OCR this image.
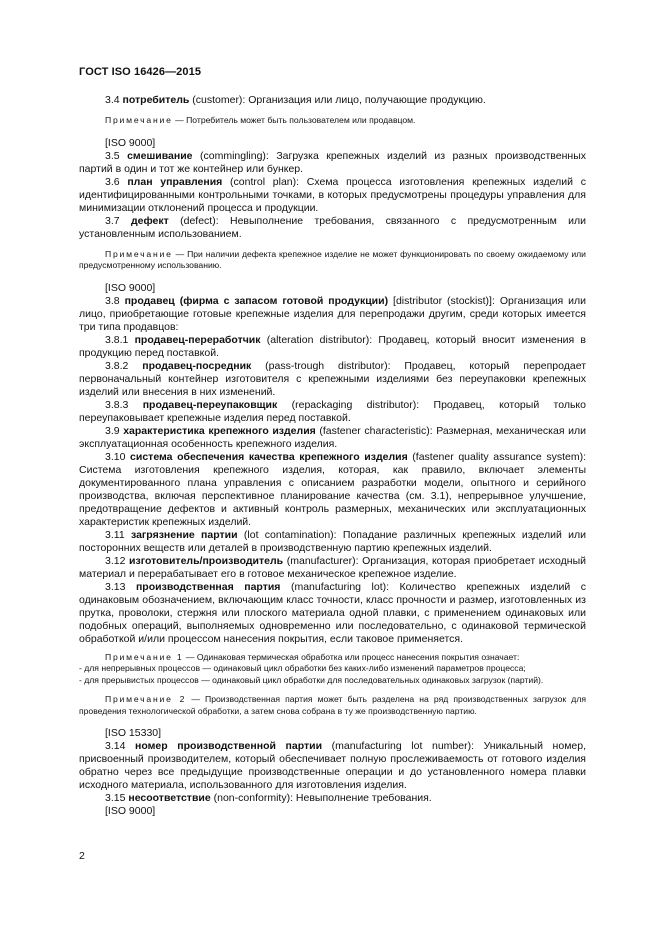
ГОСТ ISO 16426—2015

3.4 потребитель (customer): Организация или лицо, получающие продукцию.

Примечание — Потребитель может быть пользователем или продавцом.

[ISO 9000]

3.5 смешивание (commingling): Загрузка крепежных изделий из разных производственных партий в один и тот же контейнер или бункер.

3.6 план управления (control plan): Схема процесса изготовления крепежных изделий с идентифицированными контрольными точками, в которых предусмотрены процедуры управления для минимизации отклонений процесса и продукции.

3.7 дефект (defect): Невыполнение требования, связанного с предусмотренным или установленным использованием.

Примечание — При наличии дефекта крепежное изделие не может функционировать по своему ожидаемому или предусмотренному использованию.

[ISO 9000]

3.8 продавец (фирма с запасом готовой продукции) [distributor (stockist)]: Организация или лицо, приобретающие готовые крепежные изделия для перепродажи другим, среди которых имеется три типа продавцов:

3.8.1 продавец-переработчик (alteration distributor): Продавец, который вносит изменения в продукцию перед поставкой.

3.8.2 продавец-посредник (pass-trough distributor): Продавец, который перепродает первоначальный контейнер изготовителя с крепежными изделиями без переупаковки крепежных изделий или внесения в них изменений.

3.8.3 продавец-переупаковщик (repackaging distributor): Продавец, который только переупаковывает крепежные изделия перед поставкой.

3.9 характеристика крепежного изделия (fastener characteristic): Размерная, механическая или эксплуатационная особенность крепежного изделия.

3.10 система обеспечения качества крепежного изделия (fastener quality assurance system): Система изготовления крепежного изделия, которая, как правило, включает элементы документированного плана управления с описанием разработки модели, опытного и серийного производства, включая перспективное планирование качества (см. 3.1), непрерывное улучшение, предотвращение дефектов и активный контроль размерных, механических или эксплуатационных характеристик крепежных изделий.

3.11 загрязнение партии (lot contamination): Попадание различных крепежных изделий или посторонних веществ или деталей в производственную партию крепежных изделий.

3.12 изготовитель/производитель (manufacturer): Организация, которая приобретает исходный материал и перерабатывает его в готовое механическое крепежное изделие.

3.13 производственная партия (manufacturing lot): Количество крепежных изделий с одинаковым обозначением, включающим класс точности, класс прочности и размер, изготовленных из прутка, проволоки, стержня или плоского материала одной плавки, с применением одинаковых или подобных операций, выполняемых одновременно или последовательно, с одинаковой термической обработкой и/или процессом нанесения покрытия, если таковое применяется.

Примечание 1 — Одинаковая термическая обработка или процесс нанесения покрытия означает:

- для непрерывных процессов — одинаковый цикл обработки без каких-либо изменений параметров процесса;

- для прерывистых процессов — одинаковый цикл обработки для последовательных одинаковых загрузок (партий).

Примечание 2 — Производственная партия может быть разделена на ряд производственных загрузок для проведения технологической обработки, а затем снова собрана в ту же производственную партию.

[ISO 15330]

3.14 номер производственной партии (manufacturing lot number): Уникальный номер, присвоенный производителем, который обеспечивает полную прослеживаемость от готового изделия обратно через все предыдущие производственные операции и до установленного номера плавки исходного материала, использованного для изготовления изделия.

3.15 несоответствие (non-conformity): Невыполнение требования.

[ISO 9000]

2
